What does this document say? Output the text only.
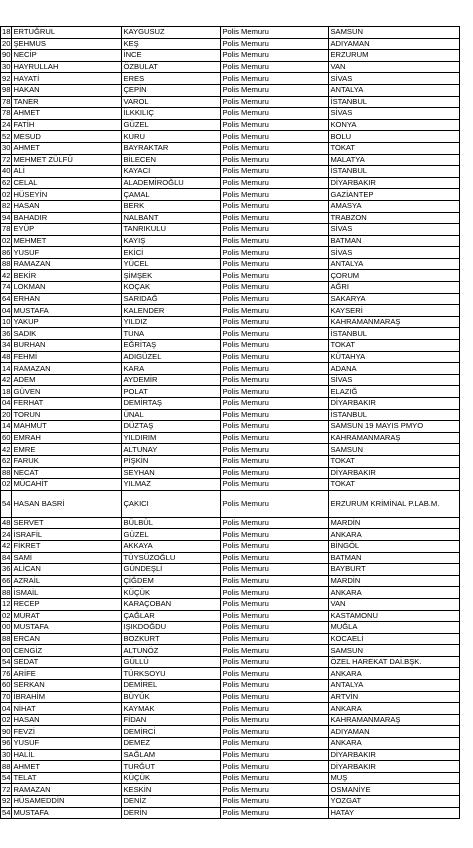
18	ERTUĞRUL	KAYGUSUZ	Polis Memuru	SAMSUN
20	ŞEHMUS	KEŞ	Polis Memuru	ADIYAMAN
90	NECİP	İNCE	Polis Memuru	ERZURUM
30	HAYRULLAH	ÖZBULAT	Polis Memuru	VAN
92	HAYATİ	ERES	Polis Memuru	SİVAS
98	HAKAN	ÇEPİN	Polis Memuru	ANTALYA
78	TANER	VAROL	Polis Memuru	İSTANBUL
78	AHMET	İLKKILIÇ	Polis Memuru	SİVAS
24	FATİH	GÜZEL	Polis Memuru	KONYA
52	MESUD	KURU	Polis Memuru	BOLU
30	AHMET	BAYRAKTAR	Polis Memuru	TOKAT
72	MEHMET ZÜLFÜ	BİLECEN	Polis Memuru	MALATYA
40	ALİ	KAYACI	Polis Memuru	İSTANBUL
62	CELAL	ALADEMİROĞLU	Polis Memuru	DİYARBAKIR
02	HÜSEYİN	ÇAMAL	Polis Memuru	GAZİANTEP
82	HASAN	BERK	Polis Memuru	AMASYA
94	BAHADIR	NALBANT	Polis Memuru	TRABZON
78	EYÜP	TANRIKULU	Polis Memuru	SİVAS
02	MEHMET	KAYIŞ	Polis Memuru	BATMAN
86	YUSUF	EKİCİ	Polis Memuru	SİVAS
88	RAMAZAN	YÜCEL	Polis Memuru	ANTALYA
42	BEKİR	ŞİMŞEK	Polis Memuru	ÇORUM
74	LOKMAN	KOÇAK	Polis Memuru	AĞRI
64	ERHAN	SARIDAĞ	Polis Memuru	SAKARYA
04	MUSTAFA	KALENDER	Polis Memuru	KAYSERİ
10	YAKUP	YILDIZ	Polis Memuru	KAHRAMANMARAŞ
36	SADIK	TUNA	Polis Memuru	İSTANBUL
34	BURHAN	EĞRİTAŞ	Polis Memuru	TOKAT
48	FEHMİ	ADIGÜZEL	Polis Memuru	KÜTAHYA
14	RAMAZAN	KARA	Polis Memuru	ADANA
42	ADEM	AYDEMİR	Polis Memuru	SİVAS
18	GÜVEN	POLAT	Polis Memuru	ELAZIĞ
04	FERHAT	DEMİRTAŞ	Polis Memuru	DİYARBAKIR
20	TORUN	ÜNAL	Polis Memuru	İSTANBUL
14	MAHMUT	DÜZTAŞ	Polis Memuru	SAMSUN 19 MAYIS PMYO
60	EMRAH	YILDIRIM	Polis Memuru	KAHRAMANMARAŞ
42	EMRE	ALTUNAY	Polis Memuru	SAMSUN
62	FARUK	PİŞKİN	Polis Memuru	TOKAT
88	NECAT	SEYHAN	Polis Memuru	DİYARBAKIR
02	MÜCAHİT	YILMAZ	Polis Memuru	TOKAT
54	HASAN BASRİ	ÇAKICI	Polis Memuru	ERZURUM KRİMİNAL P.LAB.M.
48	SERVET	BÜLBÜL	Polis Memuru	MARDİN
24	İSRAFİL	GÜZEL	Polis Memuru	ANKARA
42	FİKRET	AKKAYA	Polis Memuru	BİNGÖL
84	SAMİ	TÜYSÜZOĞLU	Polis Memuru	BATMAN
36	ALİCAN	GÜNDEŞLİ	Polis Memuru	BAYBURT
66	AZRAİL	ÇİĞDEM	Polis Memuru	MARDİN
88	İSMAİL	KÜÇÜK	Polis Memuru	ANKARA
12	RECEP	KARAÇOBAN	Polis Memuru	VAN
02	MURAT	ÇAĞLAR	Polis Memuru	KASTAMONU
00	MUSTAFA	IŞIKDOĞDU	Polis Memuru	MUĞLA
88	ERCAN	BOZKURT	Polis Memuru	KOCAELİ
00	CENGİZ	ALTUNÖZ	Polis Memuru	SAMSUN
54	SEDAT	GÜLLÜ	Polis Memuru	ÖZEL HAREKAT DAİ.BŞK.
76	ARİFE	TÜRKSOYU	Polis Memuru	ANKARA
60	SERKAN	DEMİREL	Polis Memuru	ANTALYA
70	İBRAHİM	BÜYÜK	Polis Memuru	ARTVİN
04	NİHAT	KAYMAK	Polis Memuru	ANKARA
02	HASAN	FİDAN	Polis Memuru	KAHRAMANMARAŞ
90	FEVZİ	DEMİRCİ	Polis Memuru	ADIYAMAN
96	YUSUF	DEMEZ	Polis Memuru	ANKARA
30	HALİL	SAĞLAM	Polis Memuru	DİYARBAKIR
88	AHMET	TURĞUT	Polis Memuru	DİYARBAKIR
54	TELAT	KÜÇÜK	Polis Memuru	MUŞ
72	RAMAZAN	KESKİN	Polis Memuru	OSMANİYE
92	HÜSAMEDDİN	DENİZ	Polis Memuru	YOZGAT
54	MUSTAFA	DERİN	Polis Memuru	HATAY
